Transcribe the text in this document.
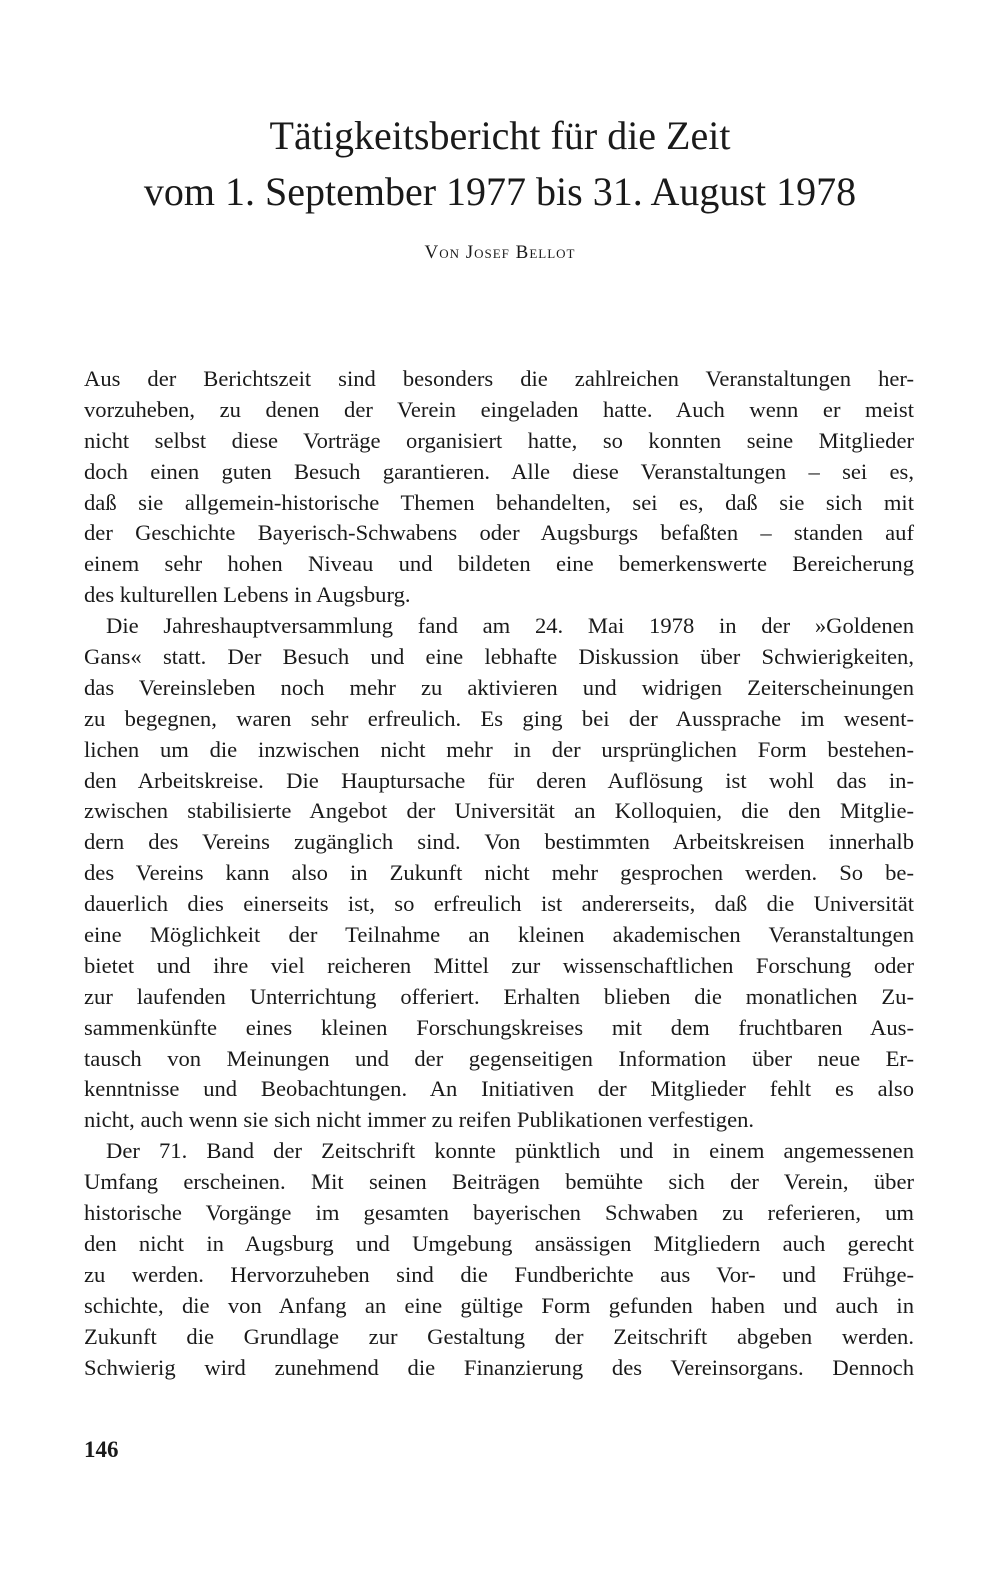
Tätigkeitsbericht für die Zeit
vom 1. September 1977 bis 31. August 1978
Von Josef Bellot
Aus der Berichtszeit sind besonders die zahlreichen Veranstaltungen her-
vorzuheben, zu denen der Verein eingeladen hatte. Auch wenn er meist
nicht selbst diese Vorträge organisiert hatte, so konnten seine Mitglieder
doch einen guten Besuch garantieren. Alle diese Veranstaltungen – sei es,
daß sie allgemein-historische Themen behandelten, sei es, daß sie sich mit
der Geschichte Bayerisch-Schwabens oder Augsburgs befaßten – standen auf
einem sehr hohen Niveau und bildeten eine bemerkenswerte Bereicherung
des kulturellen Lebens in Augsburg.
Die Jahreshauptversammlung fand am 24. Mai 1978 in der »Goldenen
Gans« statt. Der Besuch und eine lebhafte Diskussion über Schwierigkeiten,
das Vereinsleben noch mehr zu aktivieren und widrigen Zeiterscheinungen
zu begegnen, waren sehr erfreulich. Es ging bei der Aussprache im wesent-
lichen um die inzwischen nicht mehr in der ursprünglichen Form bestehen-
den Arbeitskreise. Die Hauptursache für deren Auflösung ist wohl das in-
zwischen stabilisierte Angebot der Universität an Kolloquien, die den Mitglie-
dern des Vereins zugänglich sind. Von bestimmten Arbeitskreisen innerhalb
des Vereins kann also in Zukunft nicht mehr gesprochen werden. So be-
dauerlich dies einerseits ist, so erfreulich ist andererseits, daß die Universität
eine Möglichkeit der Teilnahme an kleinen akademischen Veranstaltungen
bietet und ihre viel reicheren Mittel zur wissenschaftlichen Forschung oder
zur laufenden Unterrichtung offeriert. Erhalten blieben die monatlichen Zu-
sammenkünfte eines kleinen Forschungskreises mit dem fruchtbaren Aus-
tausch von Meinungen und der gegenseitigen Information über neue Er-
kenntnisse und Beobachtungen. An Initiativen der Mitglieder fehlt es also
nicht, auch wenn sie sich nicht immer zu reifen Publikationen verfestigen.
Der 71. Band der Zeitschrift konnte pünktlich und in einem angemessenen
Umfang erscheinen. Mit seinen Beiträgen bemühte sich der Verein, über
historische Vorgänge im gesamten bayerischen Schwaben zu referieren, um
den nicht in Augsburg und Umgebung ansässigen Mitgliedern auch gerecht
zu werden. Hervorzuheben sind die Fundberichte aus Vor- und Frühge-
schichte, die von Anfang an eine gültige Form gefunden haben und auch in
Zukunft die Grundlage zur Gestaltung der Zeitschrift abgeben werden.
Schwierig wird zunehmend die Finanzierung des Vereinsorgans. Dennoch
146
